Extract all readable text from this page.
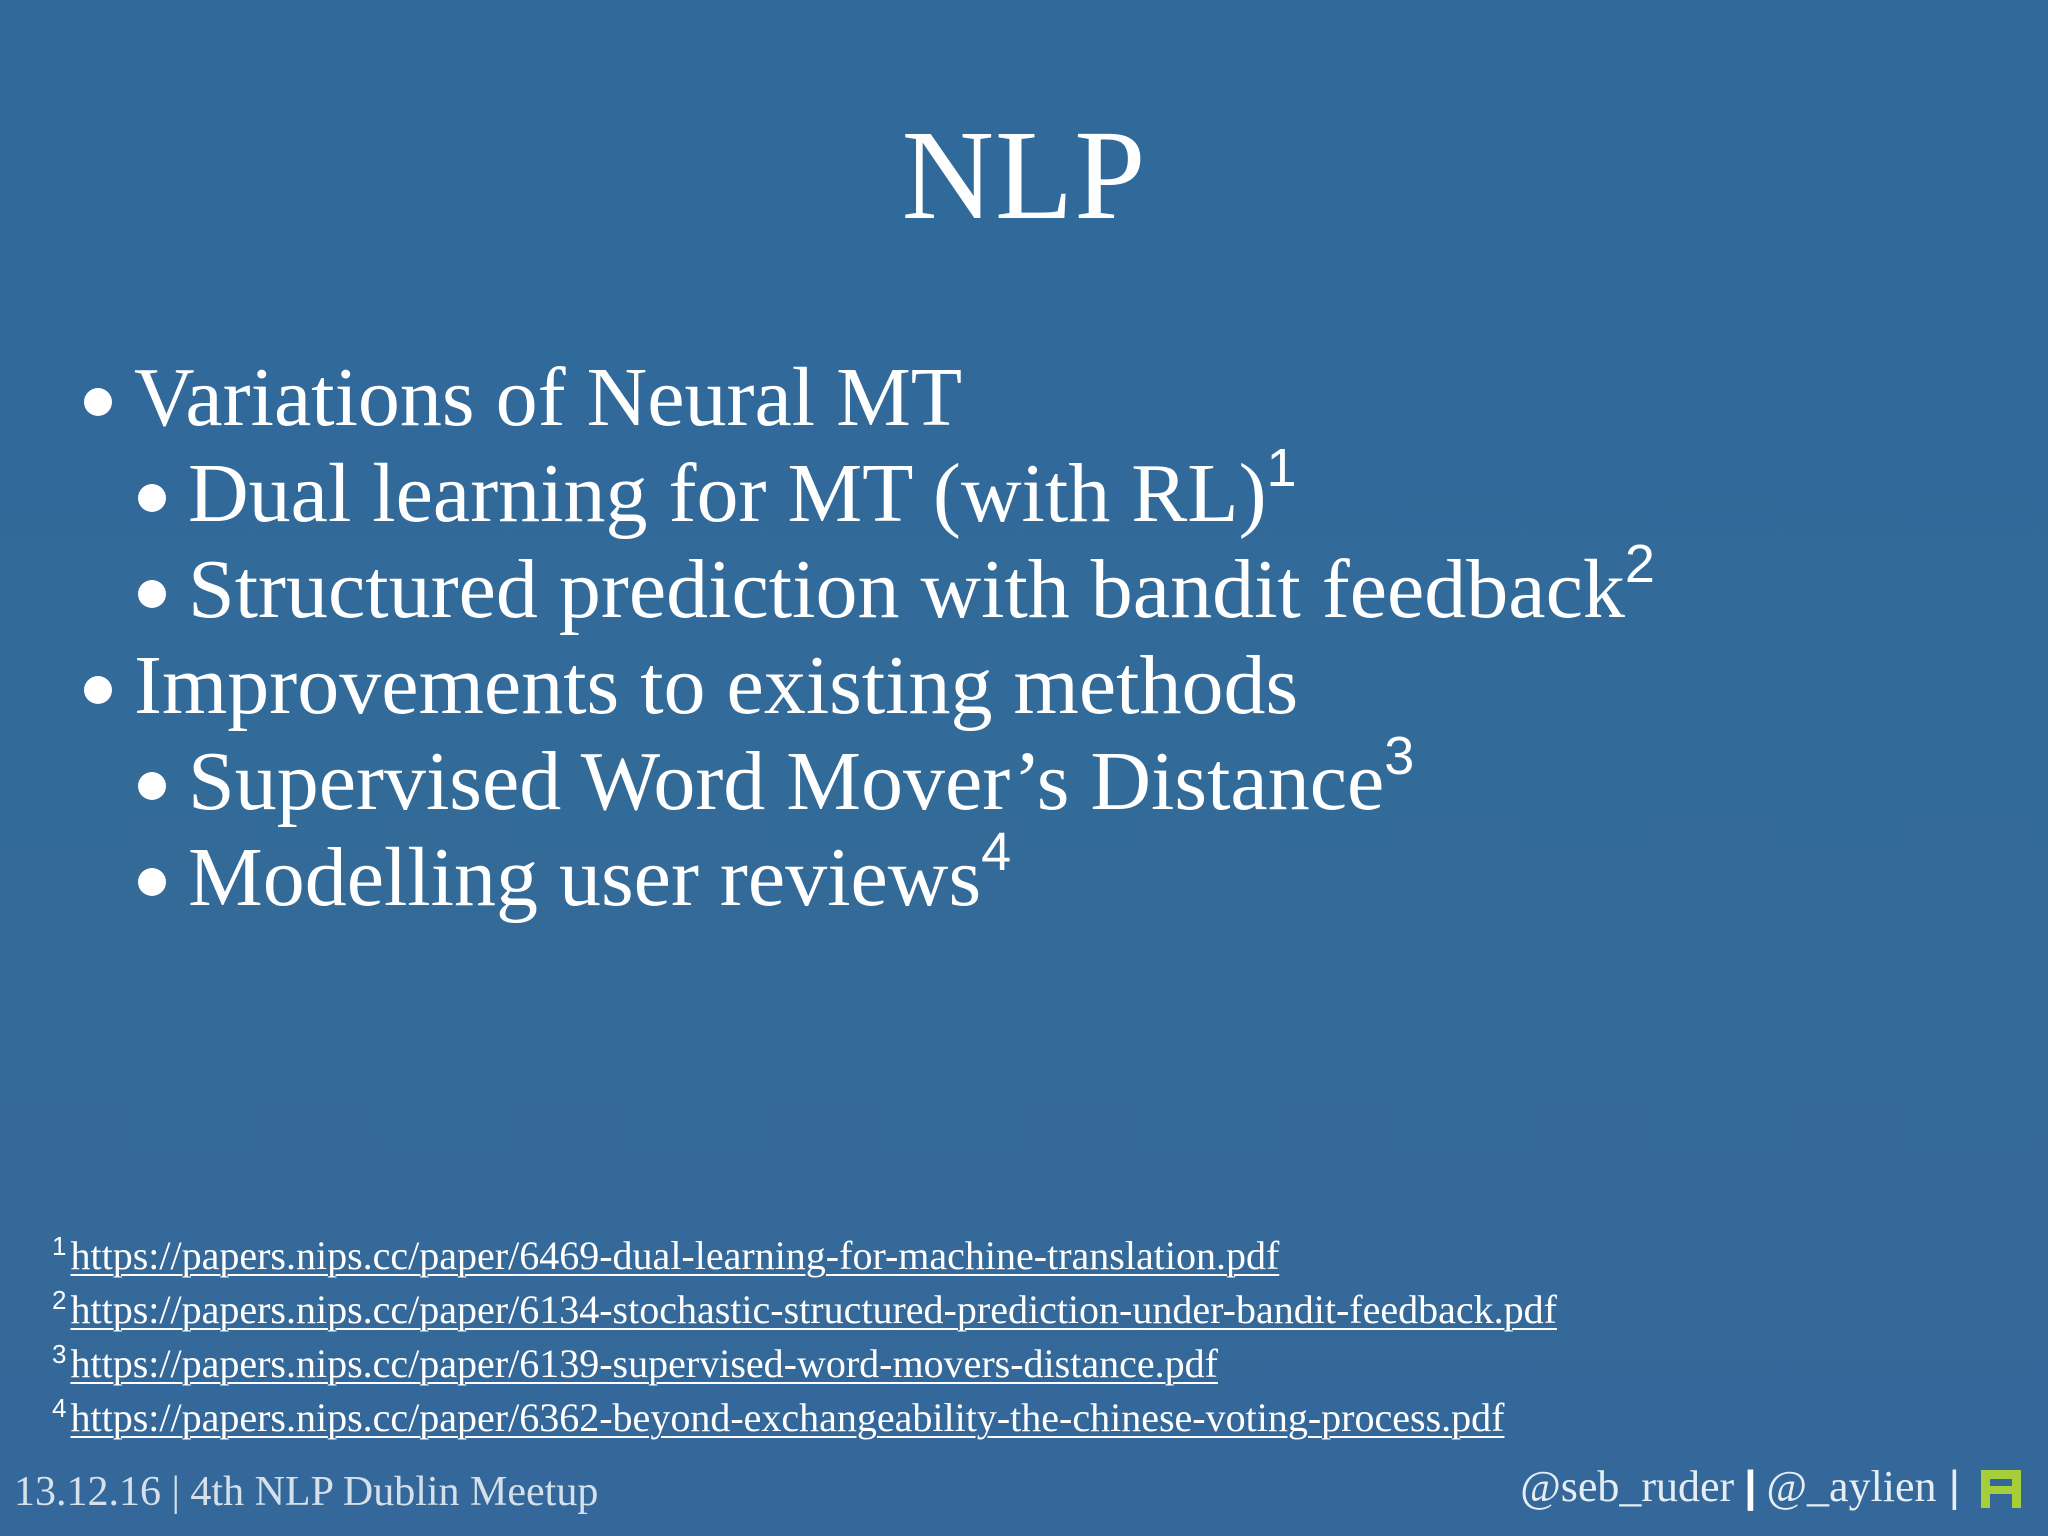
NLP
Variations of Neural MT
Dual learning for MT (with RL)$^1$
Structured prediction with bandit feedback$^2$
Improvements to existing methods
Supervised Word Mover’s Distance$^3$
Modelling user reviews$^4$
$^1$ https://papers.nips.cc/paper/6469-dual-learning-for-machine-translation.pdf
$^2$ https://papers.nips.cc/paper/6134-stochastic-structured-prediction-under-bandit-feedback.pdf
$^3$ https://papers.nips.cc/paper/6139-supervised-word-movers-distance.pdf
$^4$ https://papers.nips.cc/paper/6362-beyond-exchangeability-the-chinese-voting-process.pdf
13.12.16 | 4th NLP Dublin Meetup	@seb_ruder | @_aylien |
